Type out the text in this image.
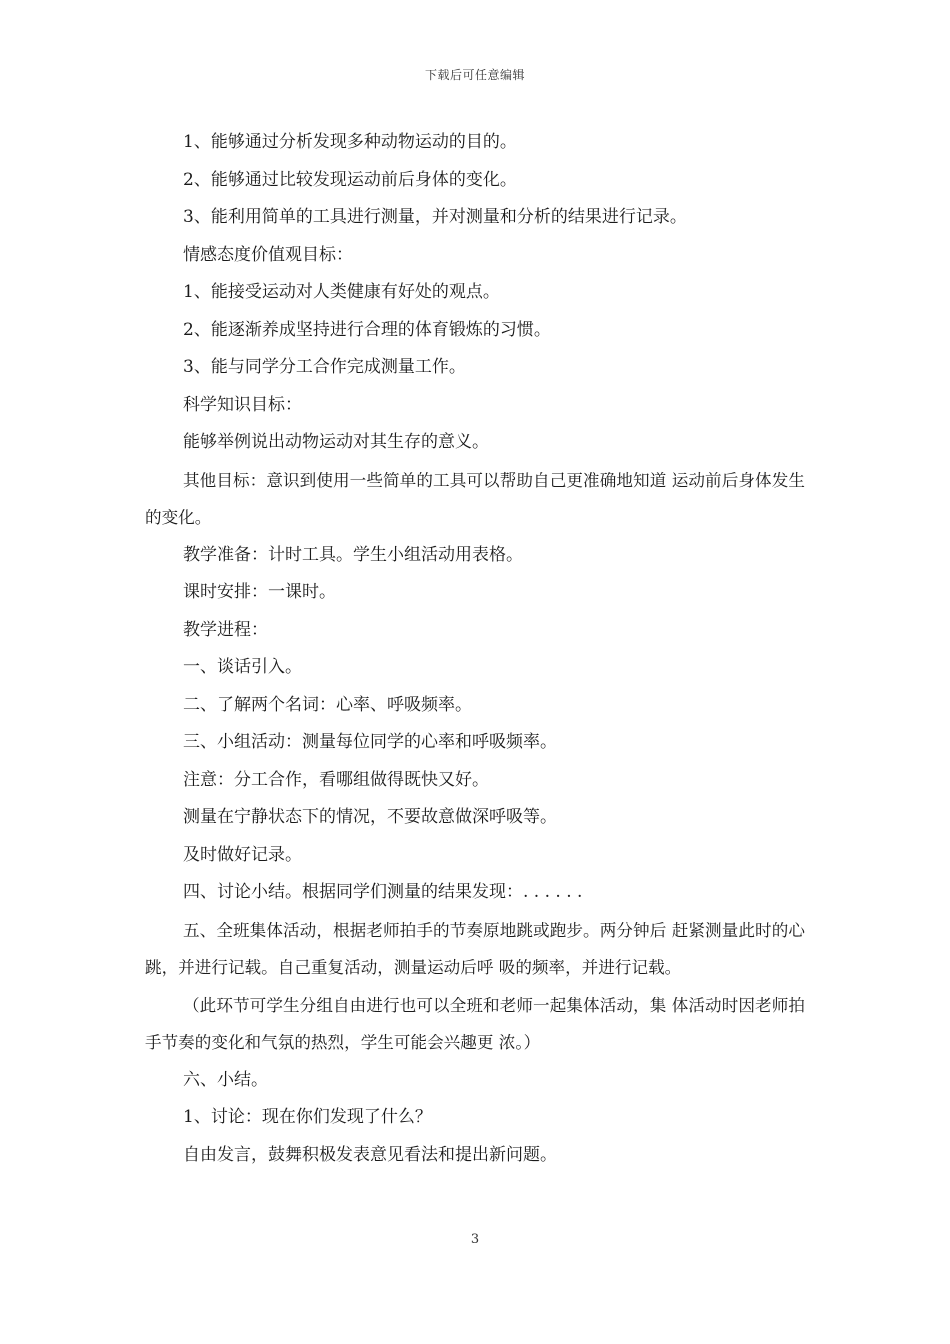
下载后可任意编辑

1、能够通过分析发现多种动物运动的目的。

2、能够通过比较发现运动前后身体的变化。

3、能利用简单的工具进行测量，并对测量和分析的结果进行记录。

情感态度价值观目标：

1、能接受运动对人类健康有好处的观点。

2、能逐渐养成坚持进行合理的体育锻炼的习惯。

3、能与同学分工合作完成测量工作。

科学知识目标：

能够举例说出动物运动对其生存的意义。

其他目标：意识到使用一些简单的工具可以帮助自己更准确地知道 运动前后身体发生的变化。

教学准备：计时工具。学生小组活动用表格。

课时安排：一课时。

教学进程：

一、谈话引入。

二、了解两个名词：心率、呼吸频率。

三、小组活动：测量每位同学的心率和呼吸频率。

注意：分工合作，看哪组做得既快又好。

测量在宁静状态下的情况，不要故意做深呼吸等。

及时做好记录。

四、讨论小结。根据同学们测量的结果发现：. . . . . .

五、全班集体活动，根据老师拍手的节奏原地跳或跑步。两分钟后 赶紧测量此时的心跳，并进行记载。自己重复活动，测量运动后呼 吸的频率，并进行记载。

（此环节可学生分组自由进行也可以全班和老师一起集体活动，集 体活动时因老师拍手节奏的变化和气氛的热烈，学生可能会兴趣更 浓。）

六、小结。

1、讨论：现在你们发现了什么？

自由发言，鼓舞积极发表意见看法和提出新问题。

3
